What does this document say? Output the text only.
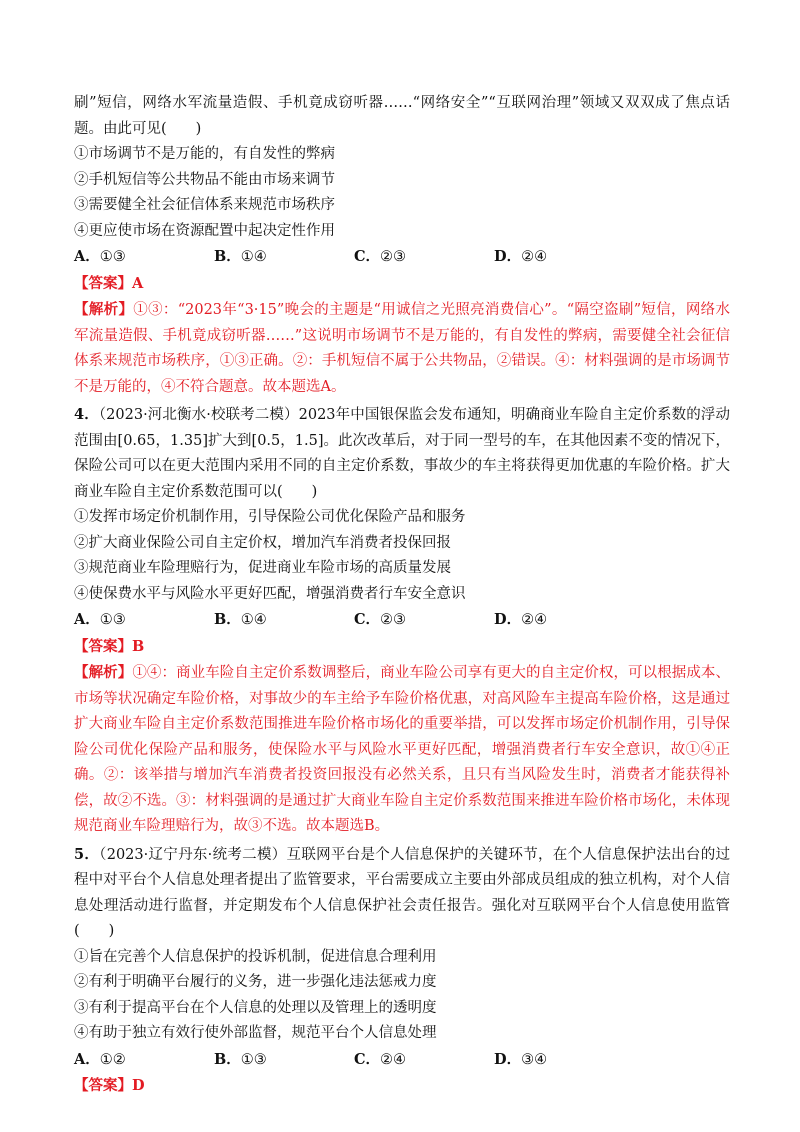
刷”短信，网络水军流量造假、手机竟成窃听器……“网络安全”“互联网治理”领域又双双成了焦点话题。由此可见(　　)

①市场调节不是万能的，有自发性的弊病
②手机短信等公共物品不能由市场来调节
③需要健全社会征信体系来规范市场秩序
④更应使市场在资源配置中起决定性作用
A．①③	B．①④	C．②③	D．②④
【答案】A

【解析】①③：“2023年“3·15”晚会的主题是“用诚信之光照亮消费信心”。“隔空盗刷”短信，网络水军流量造假、手机竟成窃听器……”这说明市场调节不是万能的，有自发性的弊病，需要健全社会征信体系来规范市场秩序，①③正确。②：手机短信不属于公共物品，②错误。④：材料强调的是市场调节不是万能的，④不符合题意。故本题选A。

4．（2023·河北衡水·校联考二模）2023年中国银保监会发布通知，明确商业车险自主定价系数的浮动范围由[0.65，1.35]扩大到[0.5，1.5]。此次改革后，对于同一型号的车，在其他因素不变的情况下，保险公司可以在更大范围内采用不同的自主定价系数，事故少的车主将获得更加优惠的车险价格。扩大商业车险自主定价系数范围可以(　　)

①发挥市场定价机制作用，引导保险公司优化保险产品和服务
②扩大商业保险公司自主定价权，增加汽车消费者投保回报
③规范商业车险理赔行为，促进商业车险市场的高质量发展
④使保费水平与风险水平更好匹配，增强消费者行车安全意识
A．①③	B．①④	C．②③	D．②④
【答案】B

【解析】①④：商业车险自主定价系数调整后，商业车险公司享有更大的自主定价权，可以根据成本、市场等状况确定车险价格，对事故少的车主给予车险价格优惠，对高风险车主提高车险价格，这是通过扩大商业车险自主定价系数范围推进车险价格市场化的重要举措，可以发挥市场定价机制作用，引导保险公司优化保险产品和服务，使保险水平与风险水平更好匹配，增强消费者行车安全意识，故①④正确。②：该举措与增加汽车消费者投资回报没有必然关系，且只有当风险发生时，消费者才能获得补偿，故②不选。③：材料强调的是通过扩大商业车险自主定价系数范围来推进车险价格市场化，未体现规范商业车险理赔行为，故③不选。故本题选B。

5．（2023·辽宁丹东·统考二模）互联网平台是个人信息保护的关键环节，在个人信息保护法出台的过程中对平台个人信息处理者提出了监管要求，平台需要成立主要由外部成员组成的独立机构，对个人信息处理活动进行监督，并定期发布个人信息保护社会责任报告。强化对互联网平台个人信息使用监管(　　)

①旨在完善个人信息保护的投诉机制，促进信息合理利用
②有利于明确平台履行的义务，进一步强化违法惩戒力度
③有利于提高平台在个人信息的处理以及管理上的透明度
④有助于独立有效行使外部监督，规范平台个人信息处理
A．①②	B．①③	C．②④	D．③④
【答案】D
